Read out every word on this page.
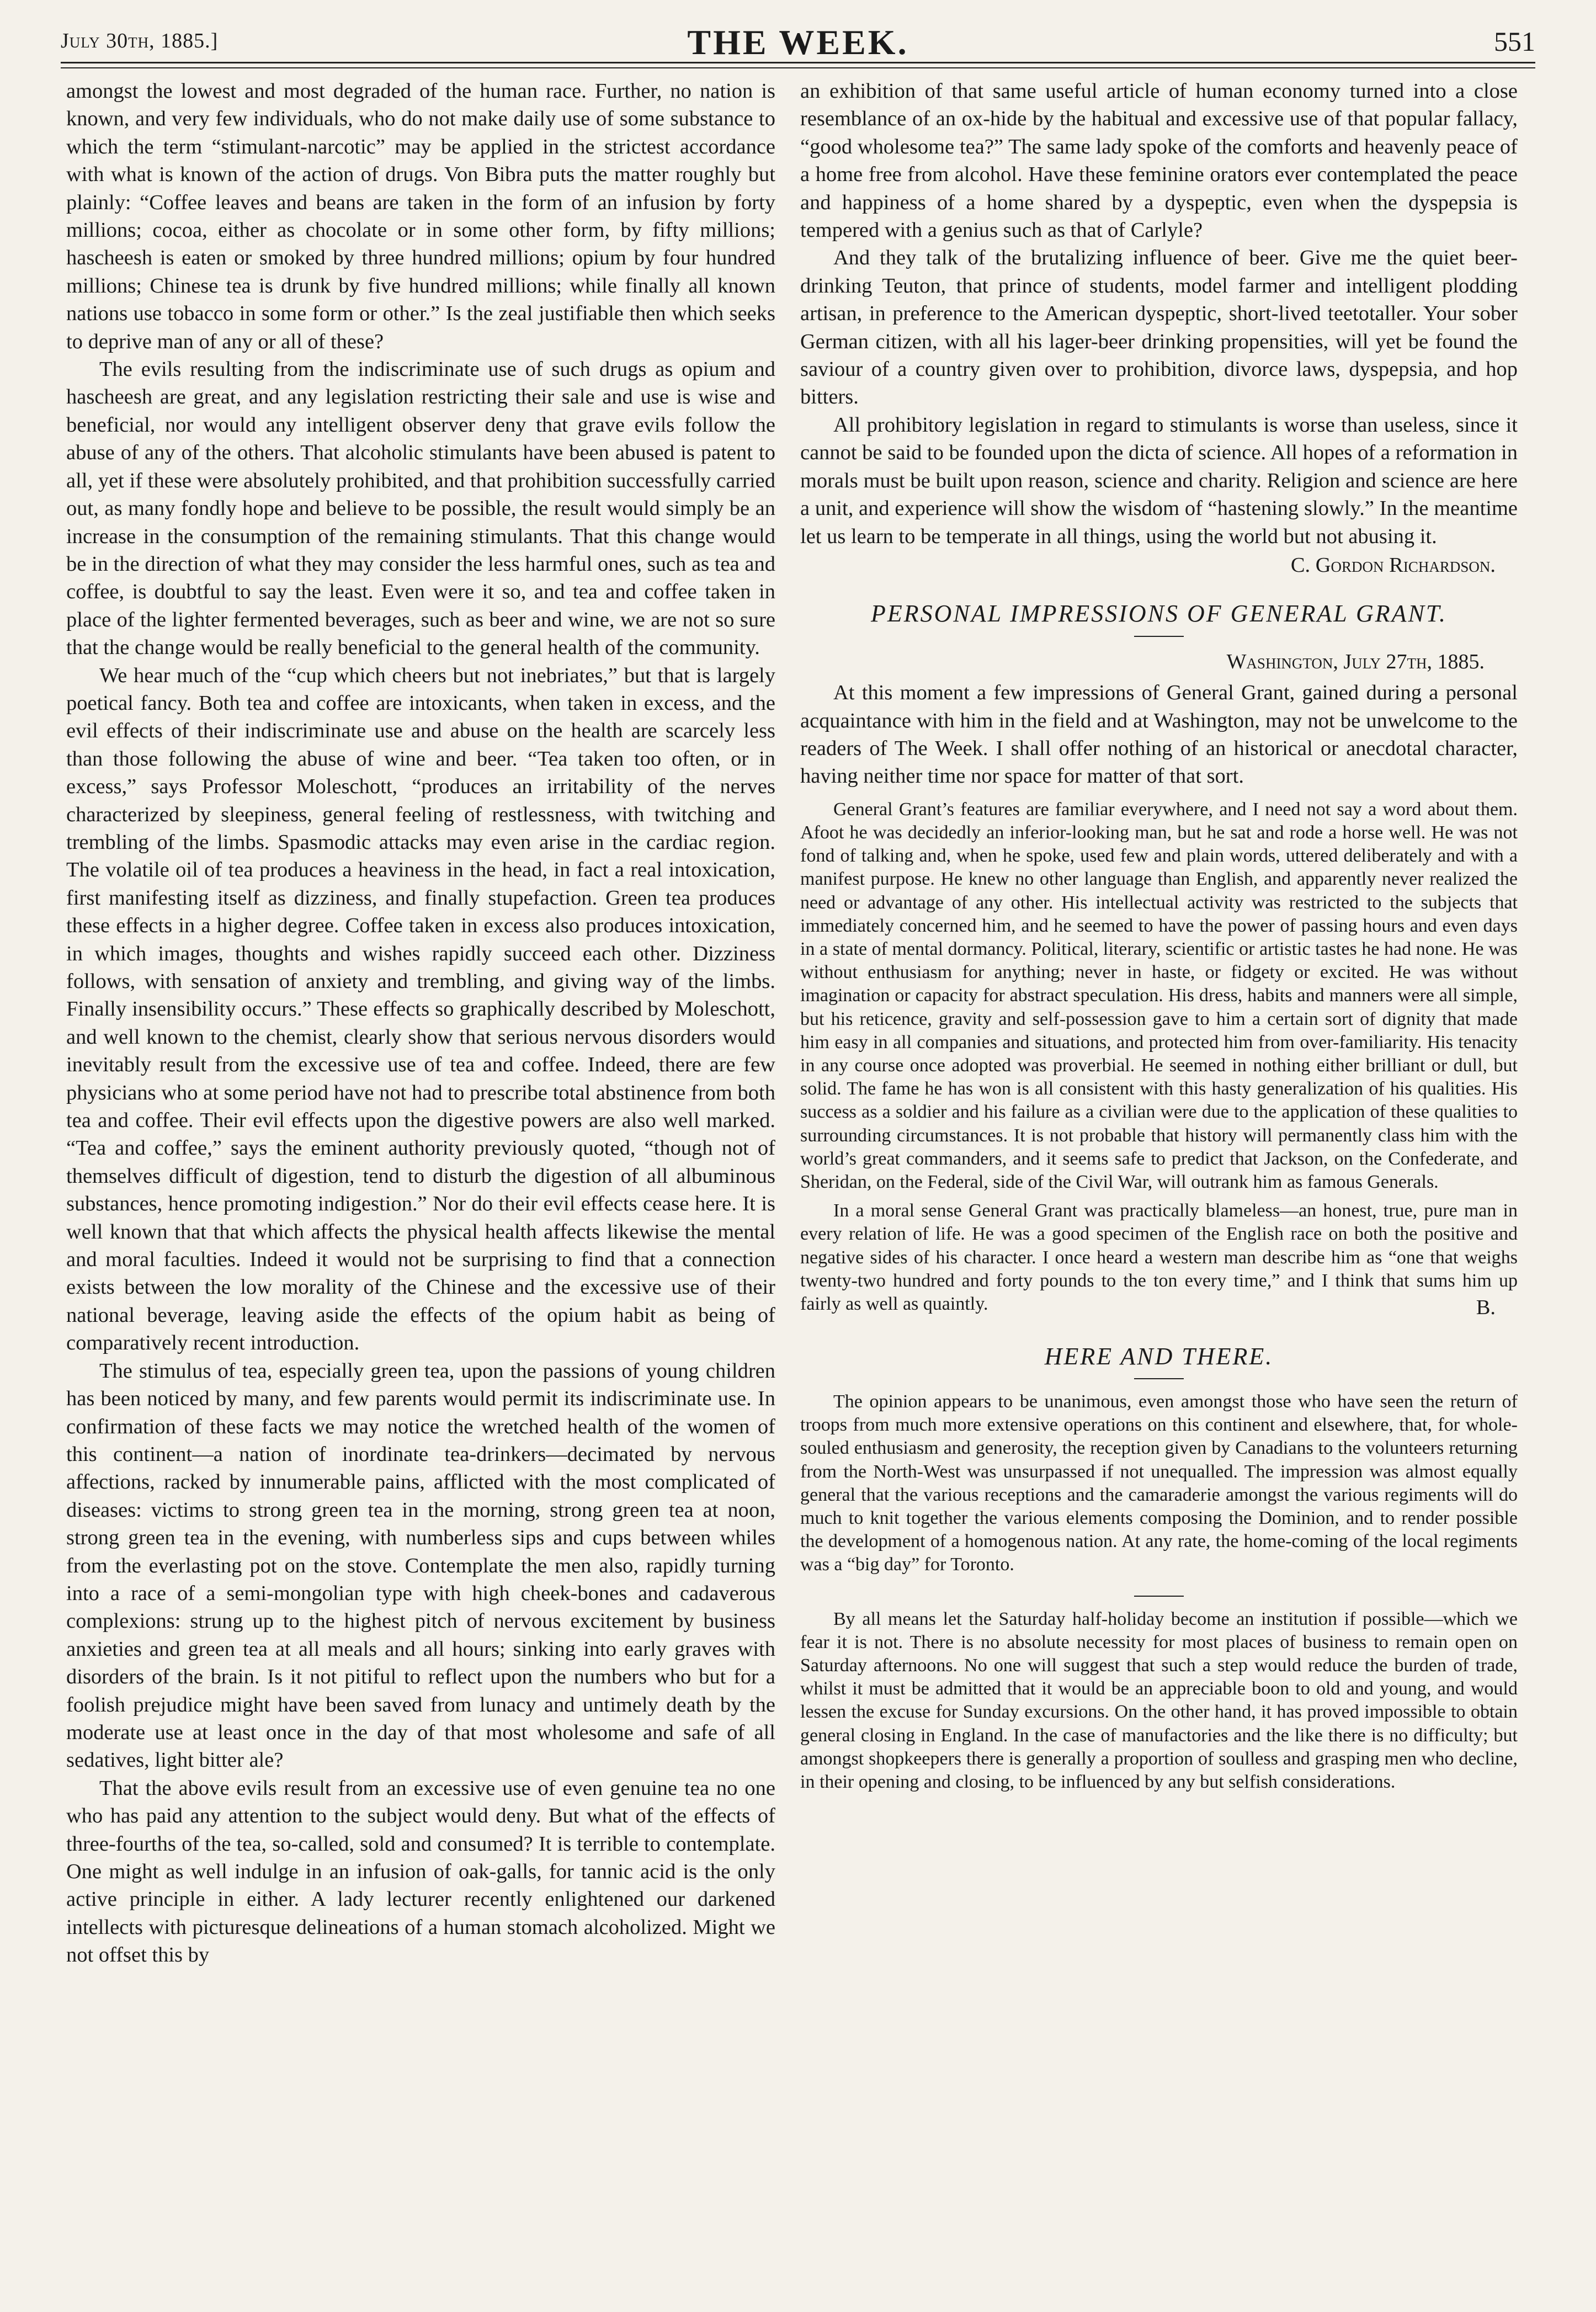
July 30th, 1885.]	THE WEEK.	551

amongst the lowest and most degraded of the human race. Further, no nation is known, and very few individuals, who do not make daily use of some substance to which the term “stimulant-narcotic” may be applied in the strictest accordance with what is known of the action of drugs. Von Bibra puts the matter roughly but plainly: “Coffee leaves and beans are taken in the form of an infusion by forty millions; cocoa, either as chocolate or in some other form, by fifty millions; hascheesh is eaten or smoked by three hundred millions; opium by four hundred millions; Chinese tea is drunk by five hundred millions; while finally all known nations use tobacco in some form or other.” Is the zeal justifiable then which seeks to deprive man of any or all of these?

The evils resulting from the indiscriminate use of such drugs as opium and hascheesh are great, and any legislation restricting their sale and use is wise and beneficial, nor would any intelligent observer deny that grave evils follow the abuse of any of the others. That alcoholic stimulants have been abused is patent to all, yet if these were absolutely prohibited, and that prohibition successfully carried out, as many fondly hope and believe to be possible, the result would simply be an increase in the consumption of the remaining stimulants. That this change would be in the direction of what they may consider the less harmful ones, such as tea and coffee, is doubtful to say the least. Even were it so, and tea and coffee taken in place of the lighter fermented beverages, such as beer and wine, we are not so sure that the change would be really beneficial to the general health of the community.

We hear much of the “cup which cheers but not inebriates,” but that is largely poetical fancy. Both tea and coffee are intoxicants, when taken in excess, and the evil effects of their indiscriminate use and abuse on the health are scarcely less than those following the abuse of wine and beer. “Tea taken too often, or in excess,” says Professor Moleschott, “produces an irritability of the nerves characterized by sleepiness, general feeling of restlessness, with twitching and trembling of the limbs. Spasmodic attacks may even arise in the cardiac region. The volatile oil of tea produces a heaviness in the head, in fact a real intoxication, first manifesting itself as dizziness, and finally stupefaction. Green tea produces these effects in a higher degree. Coffee taken in excess also produces intoxication, in which images, thoughts and wishes rapidly succeed each other. Dizziness follows, with sensation of anxiety and trembling, and giving way of the limbs. Finally insensibility occurs.” These effects so graphically described by Moleschott, and well known to the chemist, clearly show that serious nervous disorders would inevitably result from the excessive use of tea and coffee. Indeed, there are few physicians who at some period have not had to prescribe total abstinence from both tea and coffee. Their evil effects upon the digestive powers are also well marked. “Tea and coffee,” says the eminent authority previously quoted, “though not of themselves difficult of digestion, tend to disturb the digestion of all albuminous substances, hence promoting indigestion.” Nor do their evil effects cease here. It is well known that that which affects the physical health affects likewise the mental and moral faculties. Indeed it would not be surprising to find that a connection exists between the low morality of the Chinese and the excessive use of their national beverage, leaving aside the effects of the opium habit as being of comparatively recent introduction.

The stimulus of tea, especially green tea, upon the passions of young children has been noticed by many, and few parents would permit its indiscriminate use. In confirmation of these facts we may notice the wretched health of the women of this continent—a nation of inordinate tea-drinkers—decimated by nervous affections, racked by innumerable pains, afflicted with the most complicated of diseases: victims to strong green tea in the morning, strong green tea at noon, strong green tea in the evening, with numberless sips and cups between whiles from the everlasting pot on the stove. Contemplate the men also, rapidly turning into a race of a semi-mongolian type with high cheek-bones and cadaverous complexions: strung up to the highest pitch of nervous excitement by business anxieties and green tea at all meals and all hours; sinking into early graves with disorders of the brain. Is it not pitiful to reflect upon the numbers who but for a foolish prejudice might have been saved from lunacy and untimely death by the moderate use at least once in the day of that most wholesome and safe of all sedatives, light bitter ale?

That the above evils result from an excessive use of even genuine tea no one who has paid any attention to the subject would deny. But what of the effects of three-fourths of the tea, so-called, sold and consumed? It is terrible to contemplate. One might as well indulge in an infusion of oak-galls, for tannic acid is the only active principle in either. A lady lecturer recently enlightened our darkened intellects with picturesque delineations of a human stomach alcoholized. Might we not offset this by

an exhibition of that same useful article of human economy turned into a close resemblance of an ox-hide by the habitual and excessive use of that popular fallacy, “good wholesome tea?” The same lady spoke of the comforts and heavenly peace of a home free from alcohol. Have these feminine orators ever contemplated the peace and happiness of a home shared by a dyspeptic, even when the dyspepsia is tempered with a genius such as that of Carlyle?

And they talk of the brutalizing influence of beer. Give me the quiet beer-drinking Teuton, that prince of students, model farmer and intelligent plodding artisan, in preference to the American dyspeptic, short-lived teetotaller. Your sober German citizen, with all his lager-beer drinking propensities, will yet be found the saviour of a country given over to prohibition, divorce laws, dyspepsia, and hop bitters.

All prohibitory legislation in regard to stimulants is worse than useless, since it cannot be said to be founded upon the dicta of science. All hopes of a reformation in morals must be built upon reason, science and charity. Religion and science are here a unit, and experience will show the wisdom of “hastening slowly.” In the meantime let us learn to be temperate in all things, using the world but not abusing it.

C. Gordon Richardson.
PERSONAL IMPRESSIONS OF GENERAL GRANT.
Washington, July 27th, 1885.

At this moment a few impressions of General Grant, gained during a personal acquaintance with him in the field and at Washington, may not be unwelcome to the readers of The Week. I shall offer nothing of an historical or anecdotal character, having neither time nor space for matter of that sort.

General Grant’s features are familiar everywhere, and I need not say a word about them. Afoot he was decidedly an inferior-looking man, but he sat and rode a horse well. He was not fond of talking and, when he spoke, used few and plain words, uttered deliberately and with a manifest purpose. He knew no other language than English, and apparently never realized the need or advantage of any other. His intellectual activity was restricted to the subjects that immediately concerned him, and he seemed to have the power of passing hours and even days in a state of mental dormancy. Political, literary, scientific or artistic tastes he had none. He was without enthusiasm for anything; never in haste, or fidgety or excited. He was without imagination or capacity for abstract speculation. His dress, habits and manners were all simple, but his reticence, gravity and self-possession gave to him a certain sort of dignity that made him easy in all companies and situations, and protected him from over-familiarity. His tenacity in any course once adopted was proverbial. He seemed in nothing either brilliant or dull, but solid. The fame he has won is all consistent with this hasty generalization of his qualities. His success as a soldier and his failure as a civilian were due to the application of these qualities to surrounding circumstances. It is not probable that history will permanently class him with the world’s great commanders, and it seems safe to predict that Jackson, on the Confederate, and Sheridan, on the Federal, side of the Civil War, will outrank him as famous Generals.

In a moral sense General Grant was practically blameless—an honest, true, pure man in every relation of life. He was a good specimen of the English race on both the positive and negative sides of his character. I once heard a western man describe him as “one that weighs twenty-two hundred and forty pounds to the ton every time,” and I think that sums him up fairly as well as quaintly.	B.
HERE AND THERE.

The opinion appears to be unanimous, even amongst those who have seen the return of troops from much more extensive operations on this continent and elsewhere, that, for whole-souled enthusiasm and generosity, the reception given by Canadians to the volunteers returning from the North-West was unsurpassed if not unequalled. The impression was almost equally general that the various receptions and the camaraderie amongst the various regiments will do much to knit together the various elements composing the Dominion, and to render possible the development of a homogenous nation. At any rate, the home-coming of the local regiments was a “big day” for Toronto.

By all means let the Saturday half-holiday become an institution if possible—which we fear it is not. There is no absolute necessity for most places of business to remain open on Saturday afternoons. No one will suggest that such a step would reduce the burden of trade, whilst it must be admitted that it would be an appreciable boon to old and young, and would lessen the excuse for Sunday excursions. On the other hand, it has proved impossible to obtain general closing in England. In the case of manufactories and the like there is no difficulty; but amongst shopkeepers there is generally a proportion of soulless and grasping men who decline, in their opening and closing, to be influenced by any but selfish considerations.
